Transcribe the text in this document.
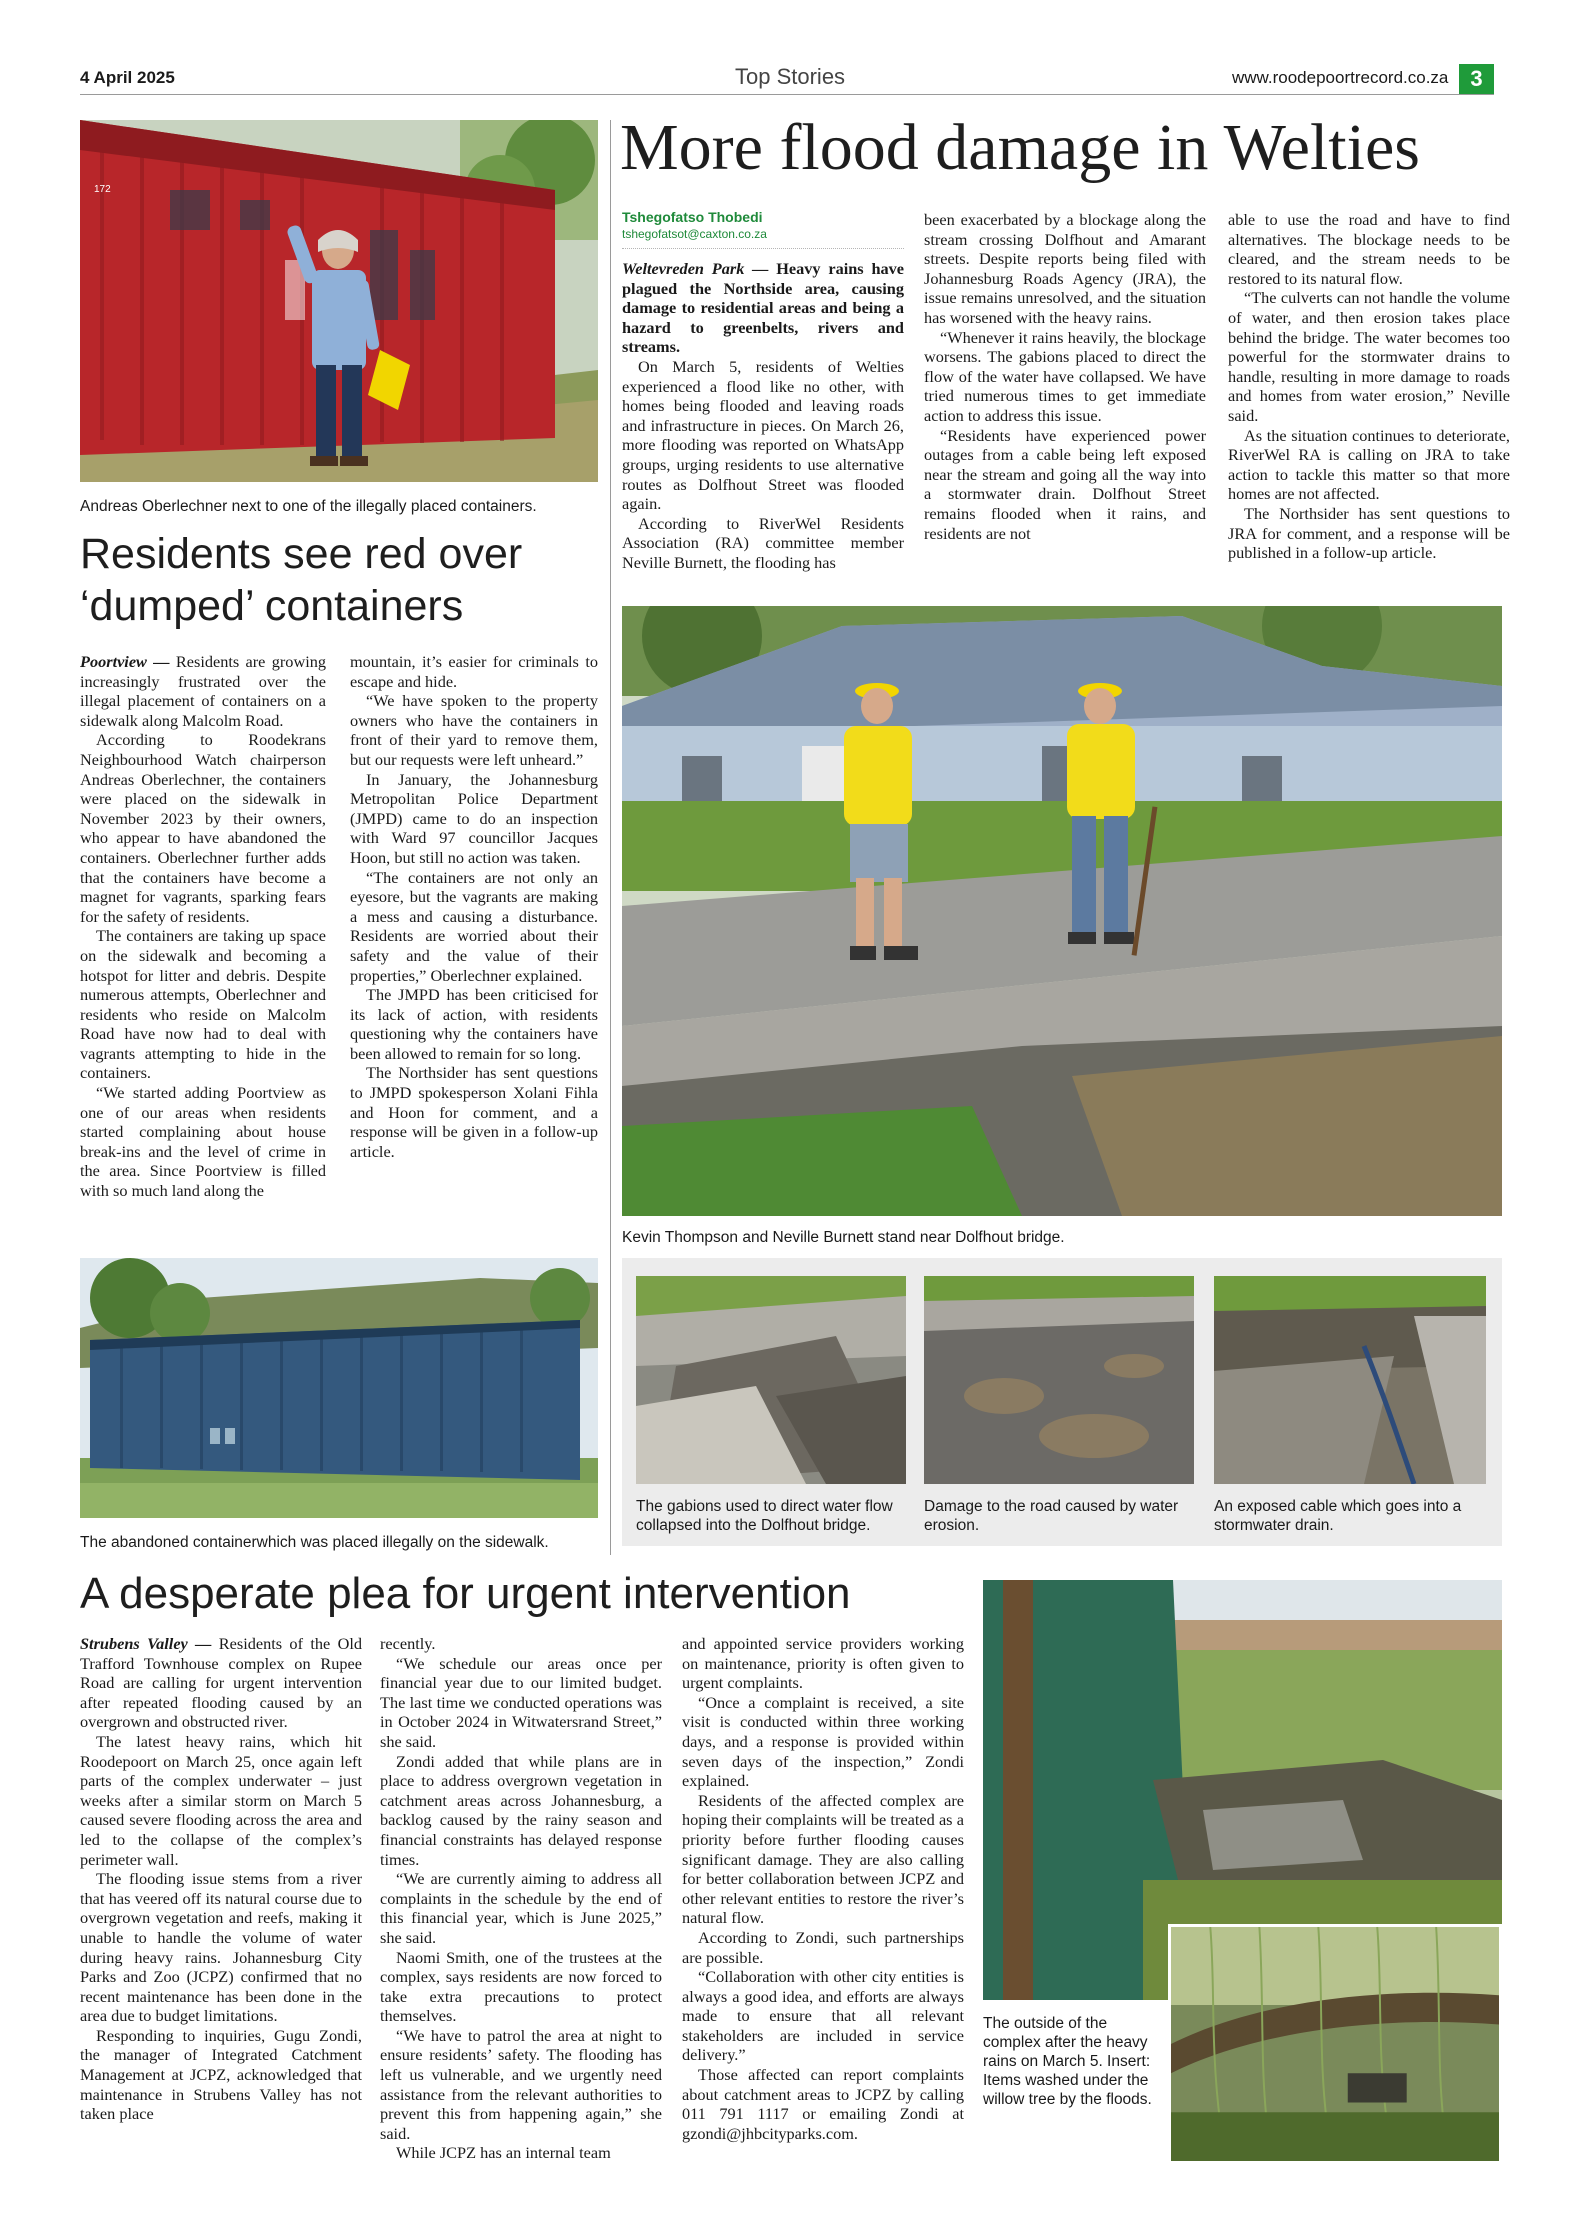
4 April 2025	Top Stories	www.roodepoortrecord.co.za 3
172
Andreas Oberlechner next to one of the illegally placed containers.
Residents see red over
‘dumped’ containers

Poortview — Residents are growing increasingly frustrated over the illegal placement of containers on a sidewalk along Malcolm Road.

According to Roodekrans Neighbourhood Watch chairperson Andreas Oberlechner, the containers were placed on the sidewalk in November 2023 by their owners, who appear to have abandoned the containers. Oberlechner further adds that the containers have become a magnet for vagrants, sparking fears for the safety of residents.

The containers are taking up space on the sidewalk and becoming a hotspot for litter and debris. Despite numerous attempts, Oberlechner and residents who reside on Malcolm Road have now had to deal with vagrants attempting to hide in the containers.

“We started adding Poortview as one of our areas when residents started complaining about house break-ins and the level of crime in the area. Since Poortview is filled with so much land along the

mountain, it’s easier for criminals to escape and hide.

“We have spoken to the property owners who have the containers in front of their yard to remove them, but our requests were left unheard.”

In January, the Johannesburg Metropolitan Police Department (JMPD) came to do an inspection with Ward 97 councillor Jacques Hoon, but still no action was taken.

“The containers are not only an eyesore, but the vagrants are making a mess and causing a disturbance. Residents are worried about their safety and the value of their properties,” Oberlechner explained.

The JMPD has been criticised for its lack of action, with residents questioning why the containers have been allowed to remain for so long.

The Northsider has sent questions to JMPD spokesperson Xolani Fihla and Hoon for comment, and a response will be given in a follow-up article.

The abandoned containerwhich was placed illegally on the sidewalk.
More flood damage in Welties
Tshegofatso Thobedi
tshegofatsot@caxton.co.za

Weltevreden Park — Heavy rains have plagued the Northside area, causing damage to residential areas and being a hazard to greenbelts, rivers and streams.

On March 5, residents of Welties experienced a flood like no other, with homes being flooded and leaving roads and infrastructure in pieces. On March 26, more flooding was reported on WhatsApp groups, urging residents to use alternative routes as Dolfhout Street was flooded again.

According to RiverWel Residents Association (RA) committee member Neville Burnett, the flooding has

been exacerbated by a blockage along the stream crossing Dolfhout and Amarant streets. Despite reports being filed with Johannesburg Roads Agency (JRA), the issue remains unresolved, and the situation has worsened with the heavy rains.

“Whenever it rains heavily, the blockage worsens. The gabions placed to direct the flow of the water have collapsed. We have tried numerous times to get immediate action to address this issue.

“Residents have experienced power outages from a cable being left exposed near the stream and going all the way into a stormwater drain. Dolfhout Street remains flooded when it rains, and residents are not

able to use the road and have to find alternatives. The blockage needs to be cleared, and the stream needs to be restored to its natural flow.

“The culverts can not handle the volume of water, and then erosion takes place behind the bridge. The water becomes too powerful for the stormwater drains to handle, resulting in more damage to roads and homes from water erosion,” Neville said.

As the situation continues to deteriorate, RiverWel RA is calling on JRA to take action to tackle this matter so that more homes are not affected.

The Northsider has sent questions to JRA for comment, and a response will be published in a follow-up article.

Kevin Thompson and Neville Burnett stand near Dolfhout bridge.
The gabions used to direct water flow collapsed into the Dolfhout bridge.
Damage to the road caused by water erosion.
An exposed cable which goes into a stormwater drain.
A desperate plea for urgent intervention

Strubens Valley — Residents of the Old Trafford Townhouse complex on Rupee Road are calling for urgent intervention after repeated flooding caused by an overgrown and obstructed river.

The latest heavy rains, which hit Roodepoort on March 25, once again left parts of the complex underwater – just weeks after a similar storm on March 5 caused severe flooding across the area and led to the collapse of the complex’s perimeter wall.

The flooding issue stems from a river that has veered off its natural course due to overgrown vegetation and reefs, making it unable to handle the volume of water during heavy rains. Johannesburg City Parks and Zoo (JCPZ) confirmed that no recent maintenance has been done in the area due to budget limitations.

Responding to inquiries, Gugu Zondi, the manager of Integrated Catchment Management at JCPZ, acknowledged that maintenance in Strubens Valley has not taken place

recently.

“We schedule our areas once per financial year due to our limited budget. The last time we conducted operations was in October 2024 in Witwatersrand Street,” she said.

Zondi added that while plans are in place to address overgrown vegetation in catchment areas across Johannesburg, a backlog caused by the rainy season and financial constraints has delayed response times.

“We are currently aiming to address all complaints in the schedule by the end of this financial year, which is June 2025,” she said.

Naomi Smith, one of the trustees at the complex, says residents are now forced to take extra precautions to protect themselves.

“We have to patrol the area at night to ensure residents’ safety. The flooding has left us vulnerable, and we urgently need assistance from the relevant authorities to prevent this from happening again,” she said.

While JCPZ has an internal team

and appointed service providers working on maintenance, priority is often given to urgent complaints.

“Once a complaint is received, a site visit is conducted within three working days, and a response is provided within seven days of the inspection,” Zondi explained.

Residents of the affected complex are hoping their complaints will be treated as a priority before further flooding causes significant damage. They are also calling for better collaboration between JCPZ and other relevant entities to restore the river’s natural flow.

According to Zondi, such partnerships are possible.

“Collaboration with other city entities is always a good idea, and efforts are always made to ensure that all relevant stakeholders are included in service delivery.”

Those affected can report complaints about catchment areas to JCPZ by calling 011 791 1117 or emailing Zondi at gzondi@jhbcityparks.com.

The outside of the complex after the heavy rains on March 5. Insert: Items washed under the willow tree by the floods.
